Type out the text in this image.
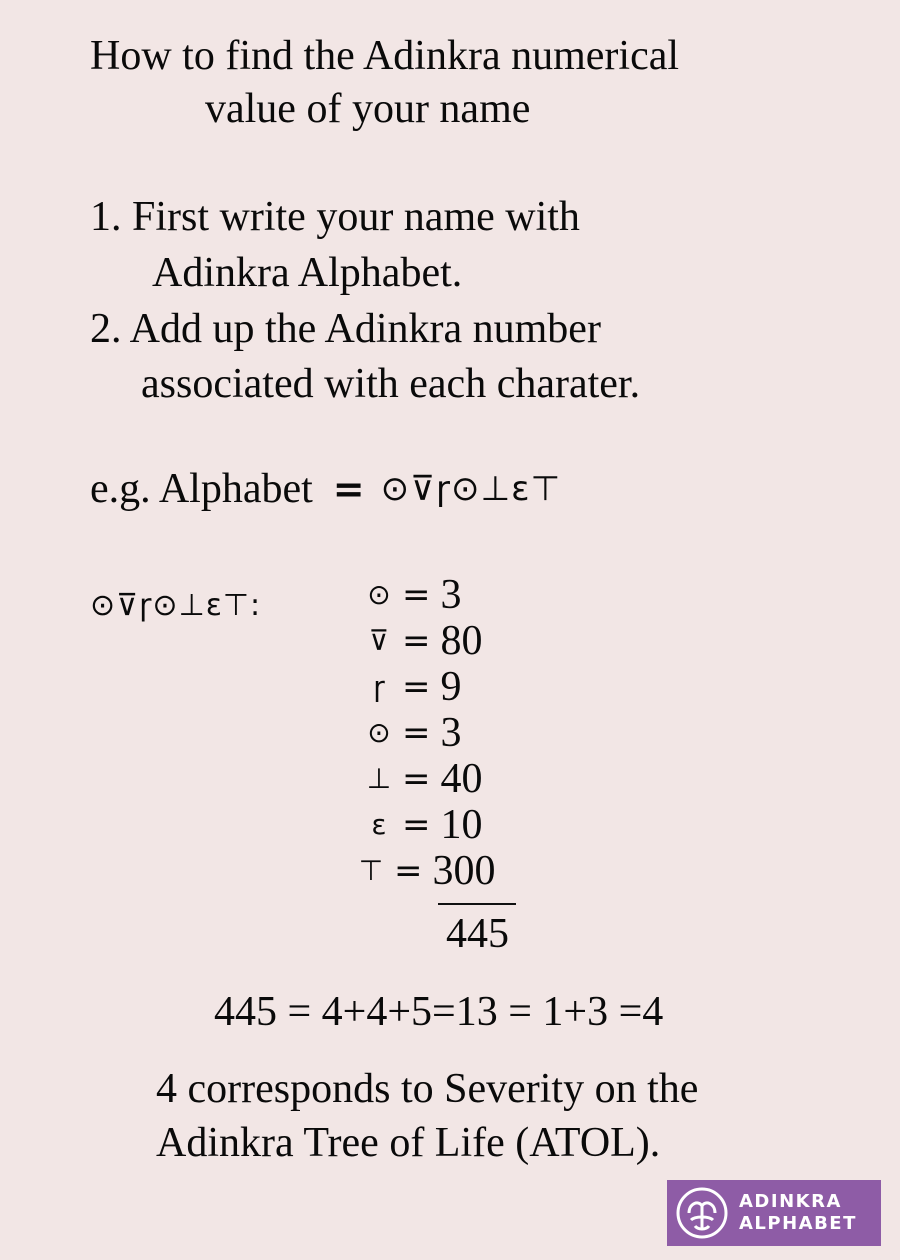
How to find the Adinkra numerical
value of your name
1. First write your name with
Adinkra Alphabet.
2. Add up the Adinkra number
associated with each charater.
e.g. Alphabet = ⊙⊽ɼ⊙⊥ɛ⊤
⊙⊽ɼ⊙⊥ɛ⊤:	⊙ = 3
⊽ = 80
ɼ = 9
⊙ = 3
⊥ = 40
ɛ = 10
⊤ = 300
445
445 = 4+4+5=13 = 1+3 =4
4 corresponds to Severity on the
Adinkra Tree of Life (ATOL).
ADINKRA
ALPHABET
